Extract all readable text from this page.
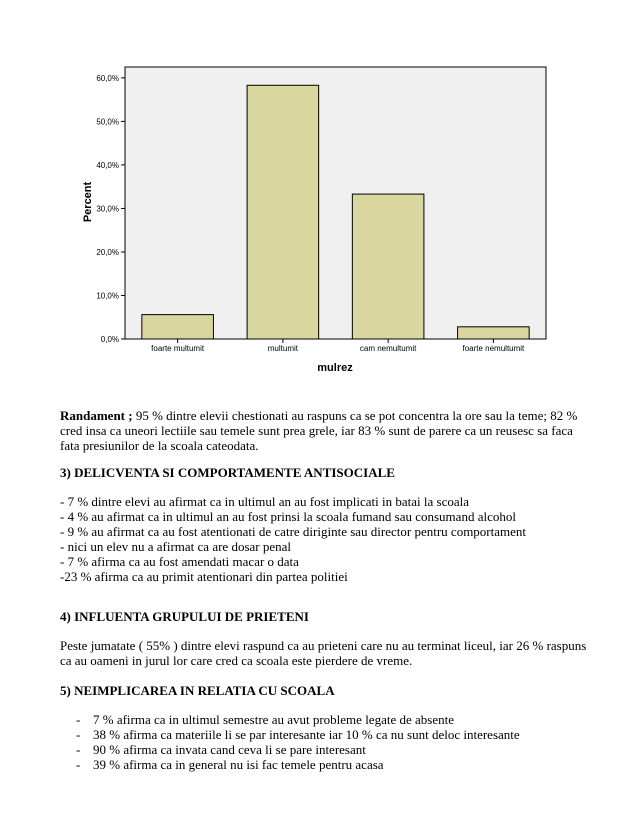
0,0%
10,0%
20,0%
30,0%
40,0%
50,0%
60,0%
foarte multumit	multumit	cam nemultumit	foarte nemultumit
Percent
mulrez

Randament ; 95 % dintre elevii chestionati au raspuns ca se pot concentra la ore sau la teme; 82 % cred insa ca uneori lectiile sau temele sunt prea grele, iar 83 % sunt de parere ca un reusesc sa faca fata presiunilor de la scoala cateodata.

3) DELICVENTA SI COMPORTAMENTE ANTISOCIALE

- 7 % dintre elevi au afirmat ca in ultimul an au fost implicati in batai la scoala

- 4 % au afirmat ca in ultimul an au fost prinsi la scoala fumand sau consumand alcohol

- 9 % au afirmat ca au fost atentionati de catre diriginte sau director pentru comportament

- nici un elev nu a afirmat ca are dosar penal

- 7 % afirma ca au fost amendati macar o data

-23 % afirma ca au primit atentionari din partea politiei

4) INFLUENTA GRUPULUI DE PRIETENI

Peste jumatate ( 55% ) dintre elevi raspund ca au prieteni care nu au terminat liceul, iar 26 % raspuns ca au oameni in jurul lor care cred ca scoala este pierdere de vreme.

5) NEIMPLICAREA IN RELATIA CU SCOALA

- 7 % afirma ca in ultimul semestre au avut probleme legate de absente
- 38 % afirma ca materiile li se par interesante iar 10 % ca nu sunt deloc interesante
- 90 % afirma ca invata cand ceva li se pare interesant
- 39 % afirma ca in general nu isi fac temele pentru acasa
